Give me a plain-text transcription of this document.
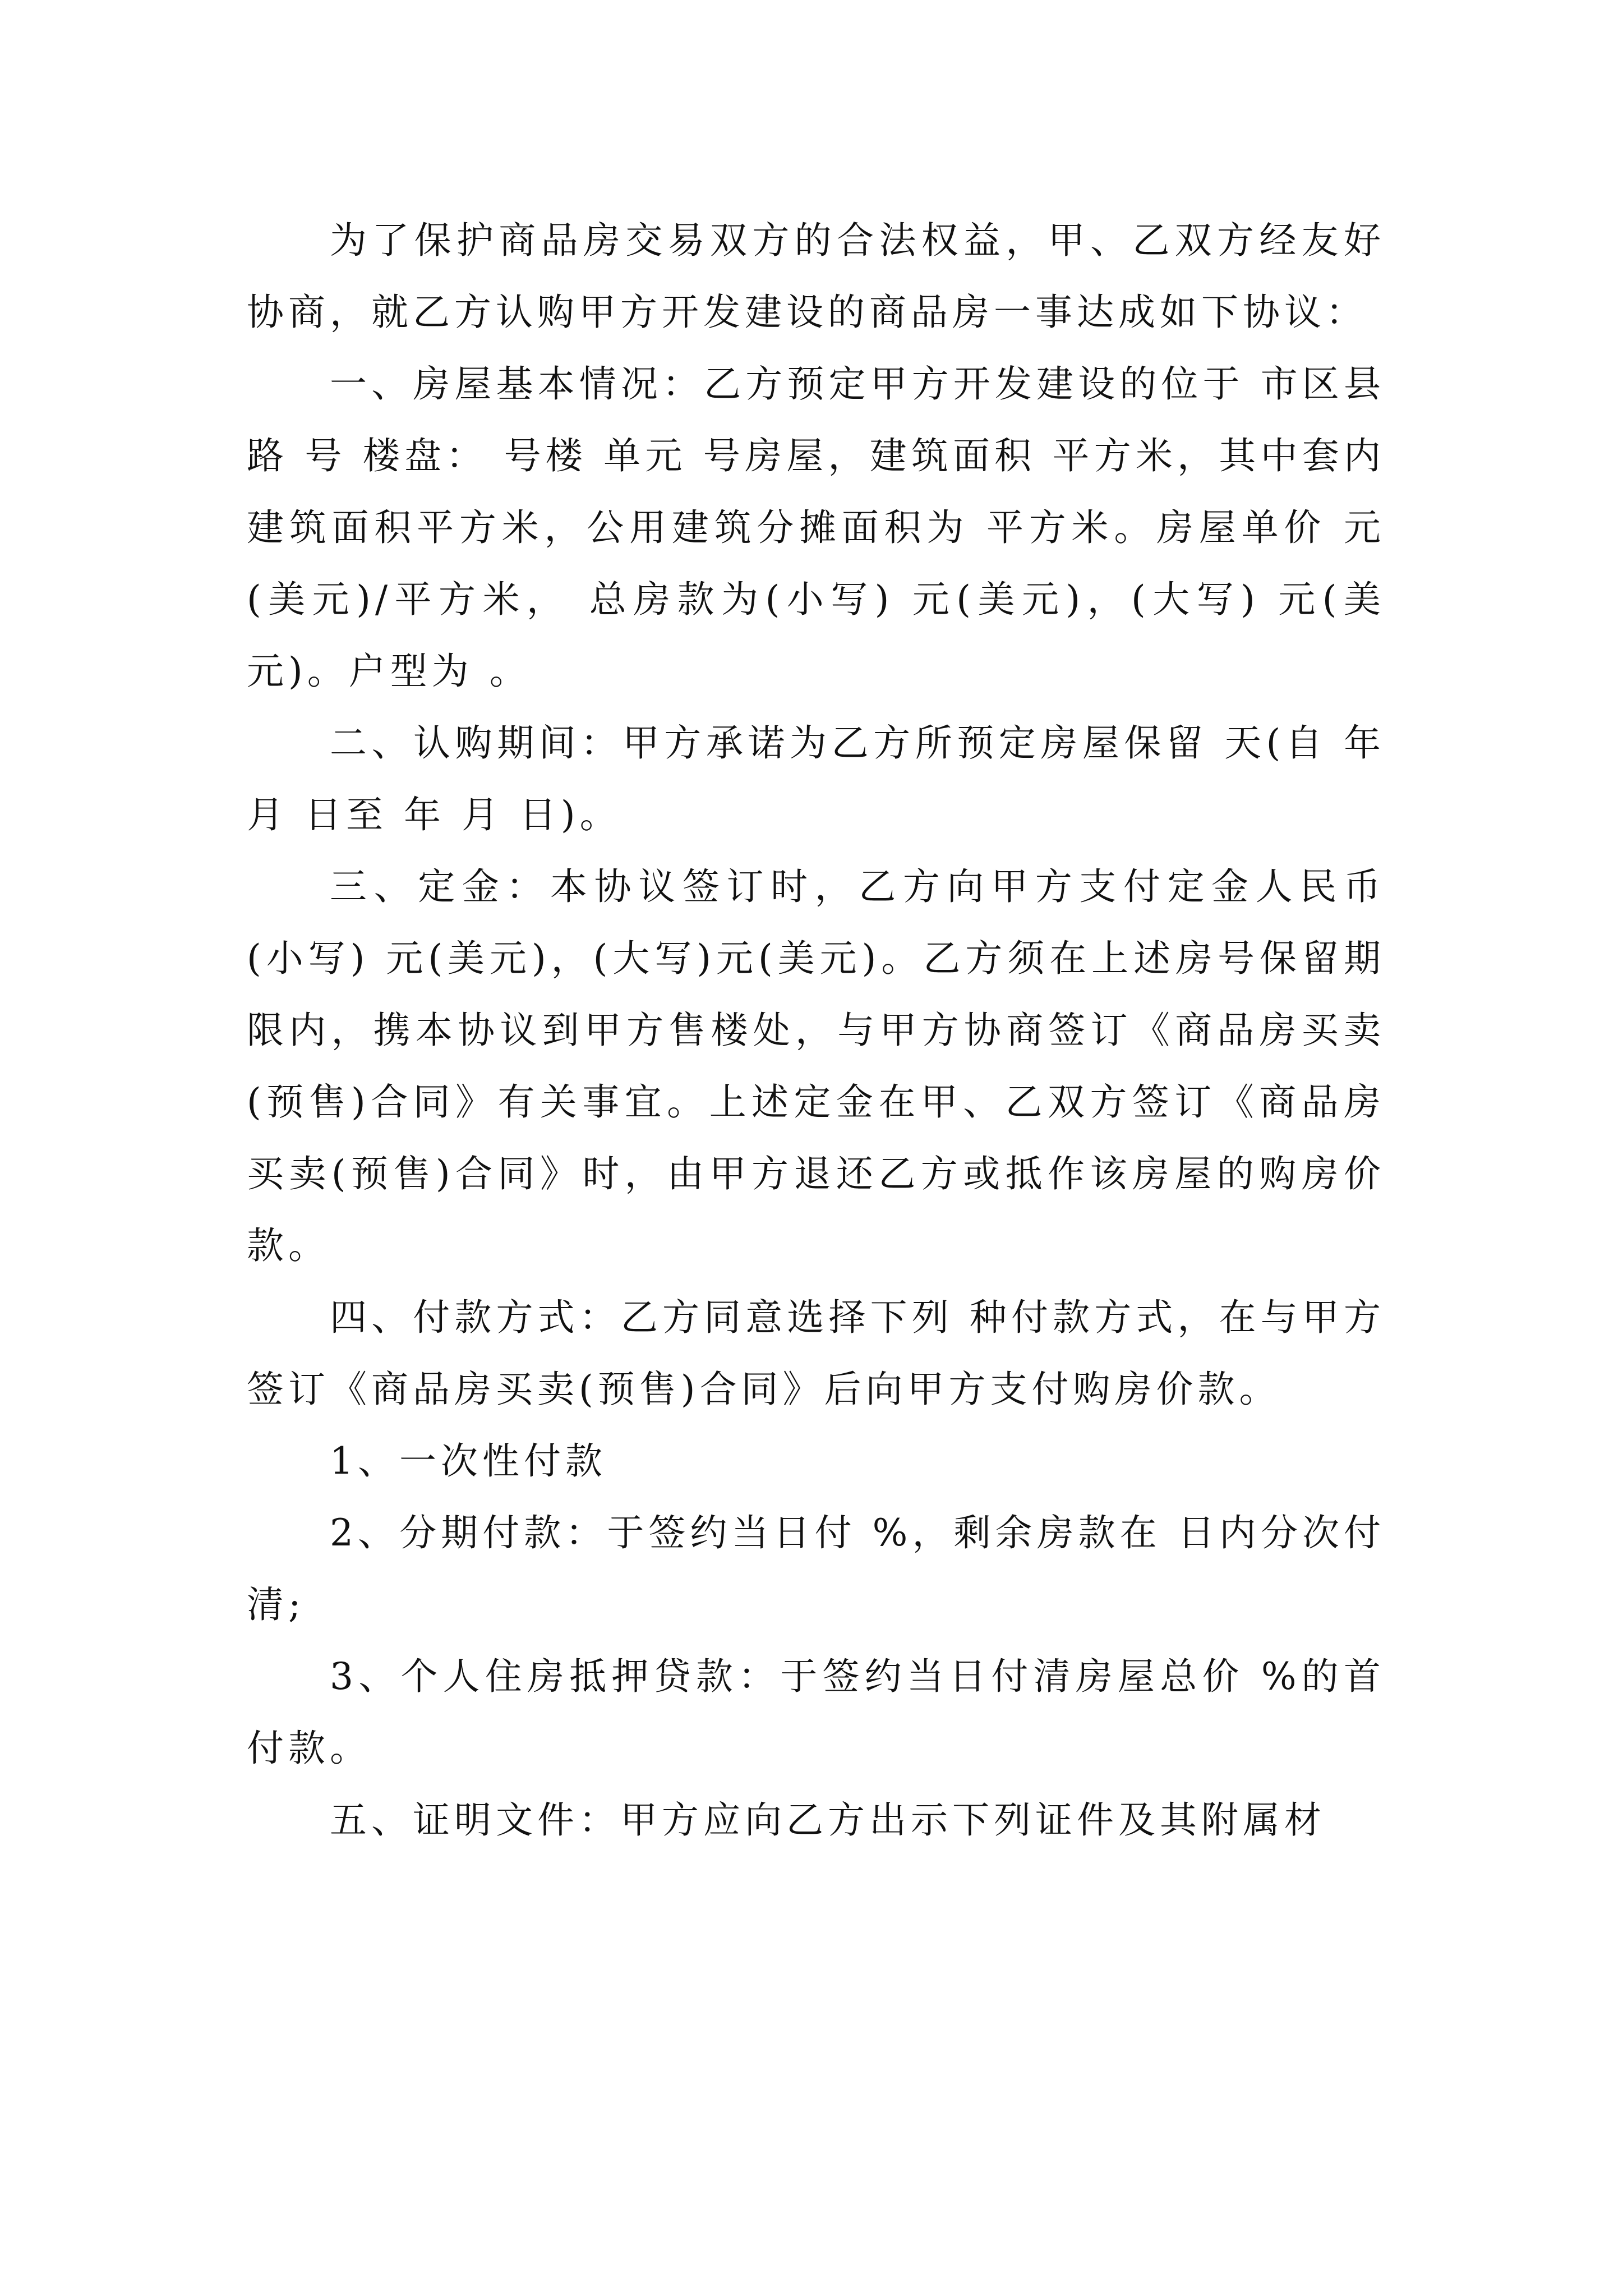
为了保护商品房交易双方的合法权益，甲、乙双方经友好协商，就乙方认购甲方开发建设的商品房一事达成如下协议：

一、房屋基本情况：乙方预定甲方开发建设的位于 市区县 路 号 楼盘： 号楼 单元 号房屋，建筑面积 平方米，其中套内建筑面积平方米，公用建筑分摊面积为 平方米。房屋单价 元(美元)/平方米， 总房款为(小写) 元(美元)，(大写) 元(美元)。户型为 。

二、认购期间：甲方承诺为乙方所预定房屋保留 天(自 年 月 日至 年 月 日)。

三、定金：本协议签订时，乙方向甲方支付定金人民币(小写) 元(美元)，(大写)元(美元)。乙方须在上述房号保留期限内，携本协议到甲方售楼处，与甲方协商签订《商品房买卖(预售)合同》有关事宜。上述定金在甲、乙双方签订《商品房买卖(预售)合同》时，由甲方退还乙方或抵作该房屋的购房价款。

四、付款方式：乙方同意选择下列 种付款方式，在与甲方签订《商品房买卖(预售)合同》后向甲方支付购房价款。

1、一次性付款

2、分期付款：于签约当日付 %，剩余房款在 日内分次付清;

3、个人住房抵押贷款：于签约当日付清房屋总价 %的首付款。

五、证明文件：甲方应向乙方出示下列证件及其附属材
